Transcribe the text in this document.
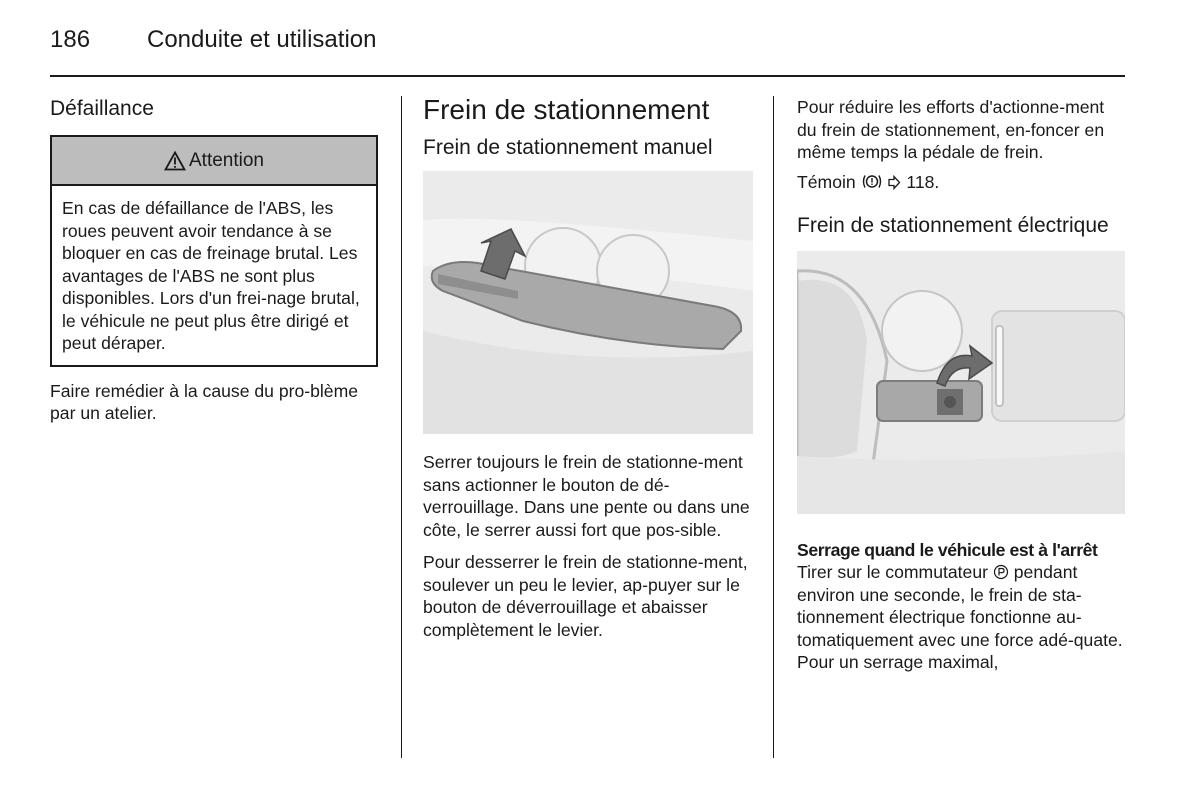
186 Conduite et utilisation
Défaillance
Attention

En cas de défaillance de l'ABS, les roues peuvent avoir tendance à se bloquer en cas de freinage brutal. Les avantages de l'ABS ne sont plus disponibles. Lors d'un frei-nage brutal, le véhicule ne peut plus être dirigé et peut déraper.

Faire remédier à la cause du pro-blème par un atelier.

Frein de stationnement
Frein de stationnement manuel

Serrer toujours le frein de stationne-ment sans actionner le bouton de dé-verrouillage. Dans une pente ou dans une côte, le serrer aussi fort que pos-sible.

Pour desserrer le frein de stationne-ment, soulever un peu le levier, ap-puyer sur le bouton de déverrouillage et abaisser complètement le levier.

Pour réduire les efforts d'actionne-ment du frein de stationnement, en-foncer en même temps la pédale de frein.

Témoin	118.

Frein de stationnement électrique
Serrage quand le véhicule est à l'arrêt

Tirer sur le commutateur pendant environ une seconde, le frein de sta-tionnement électrique fonctionne au-tomatiquement avec une force adé-quate. Pour un serrage maximal,
